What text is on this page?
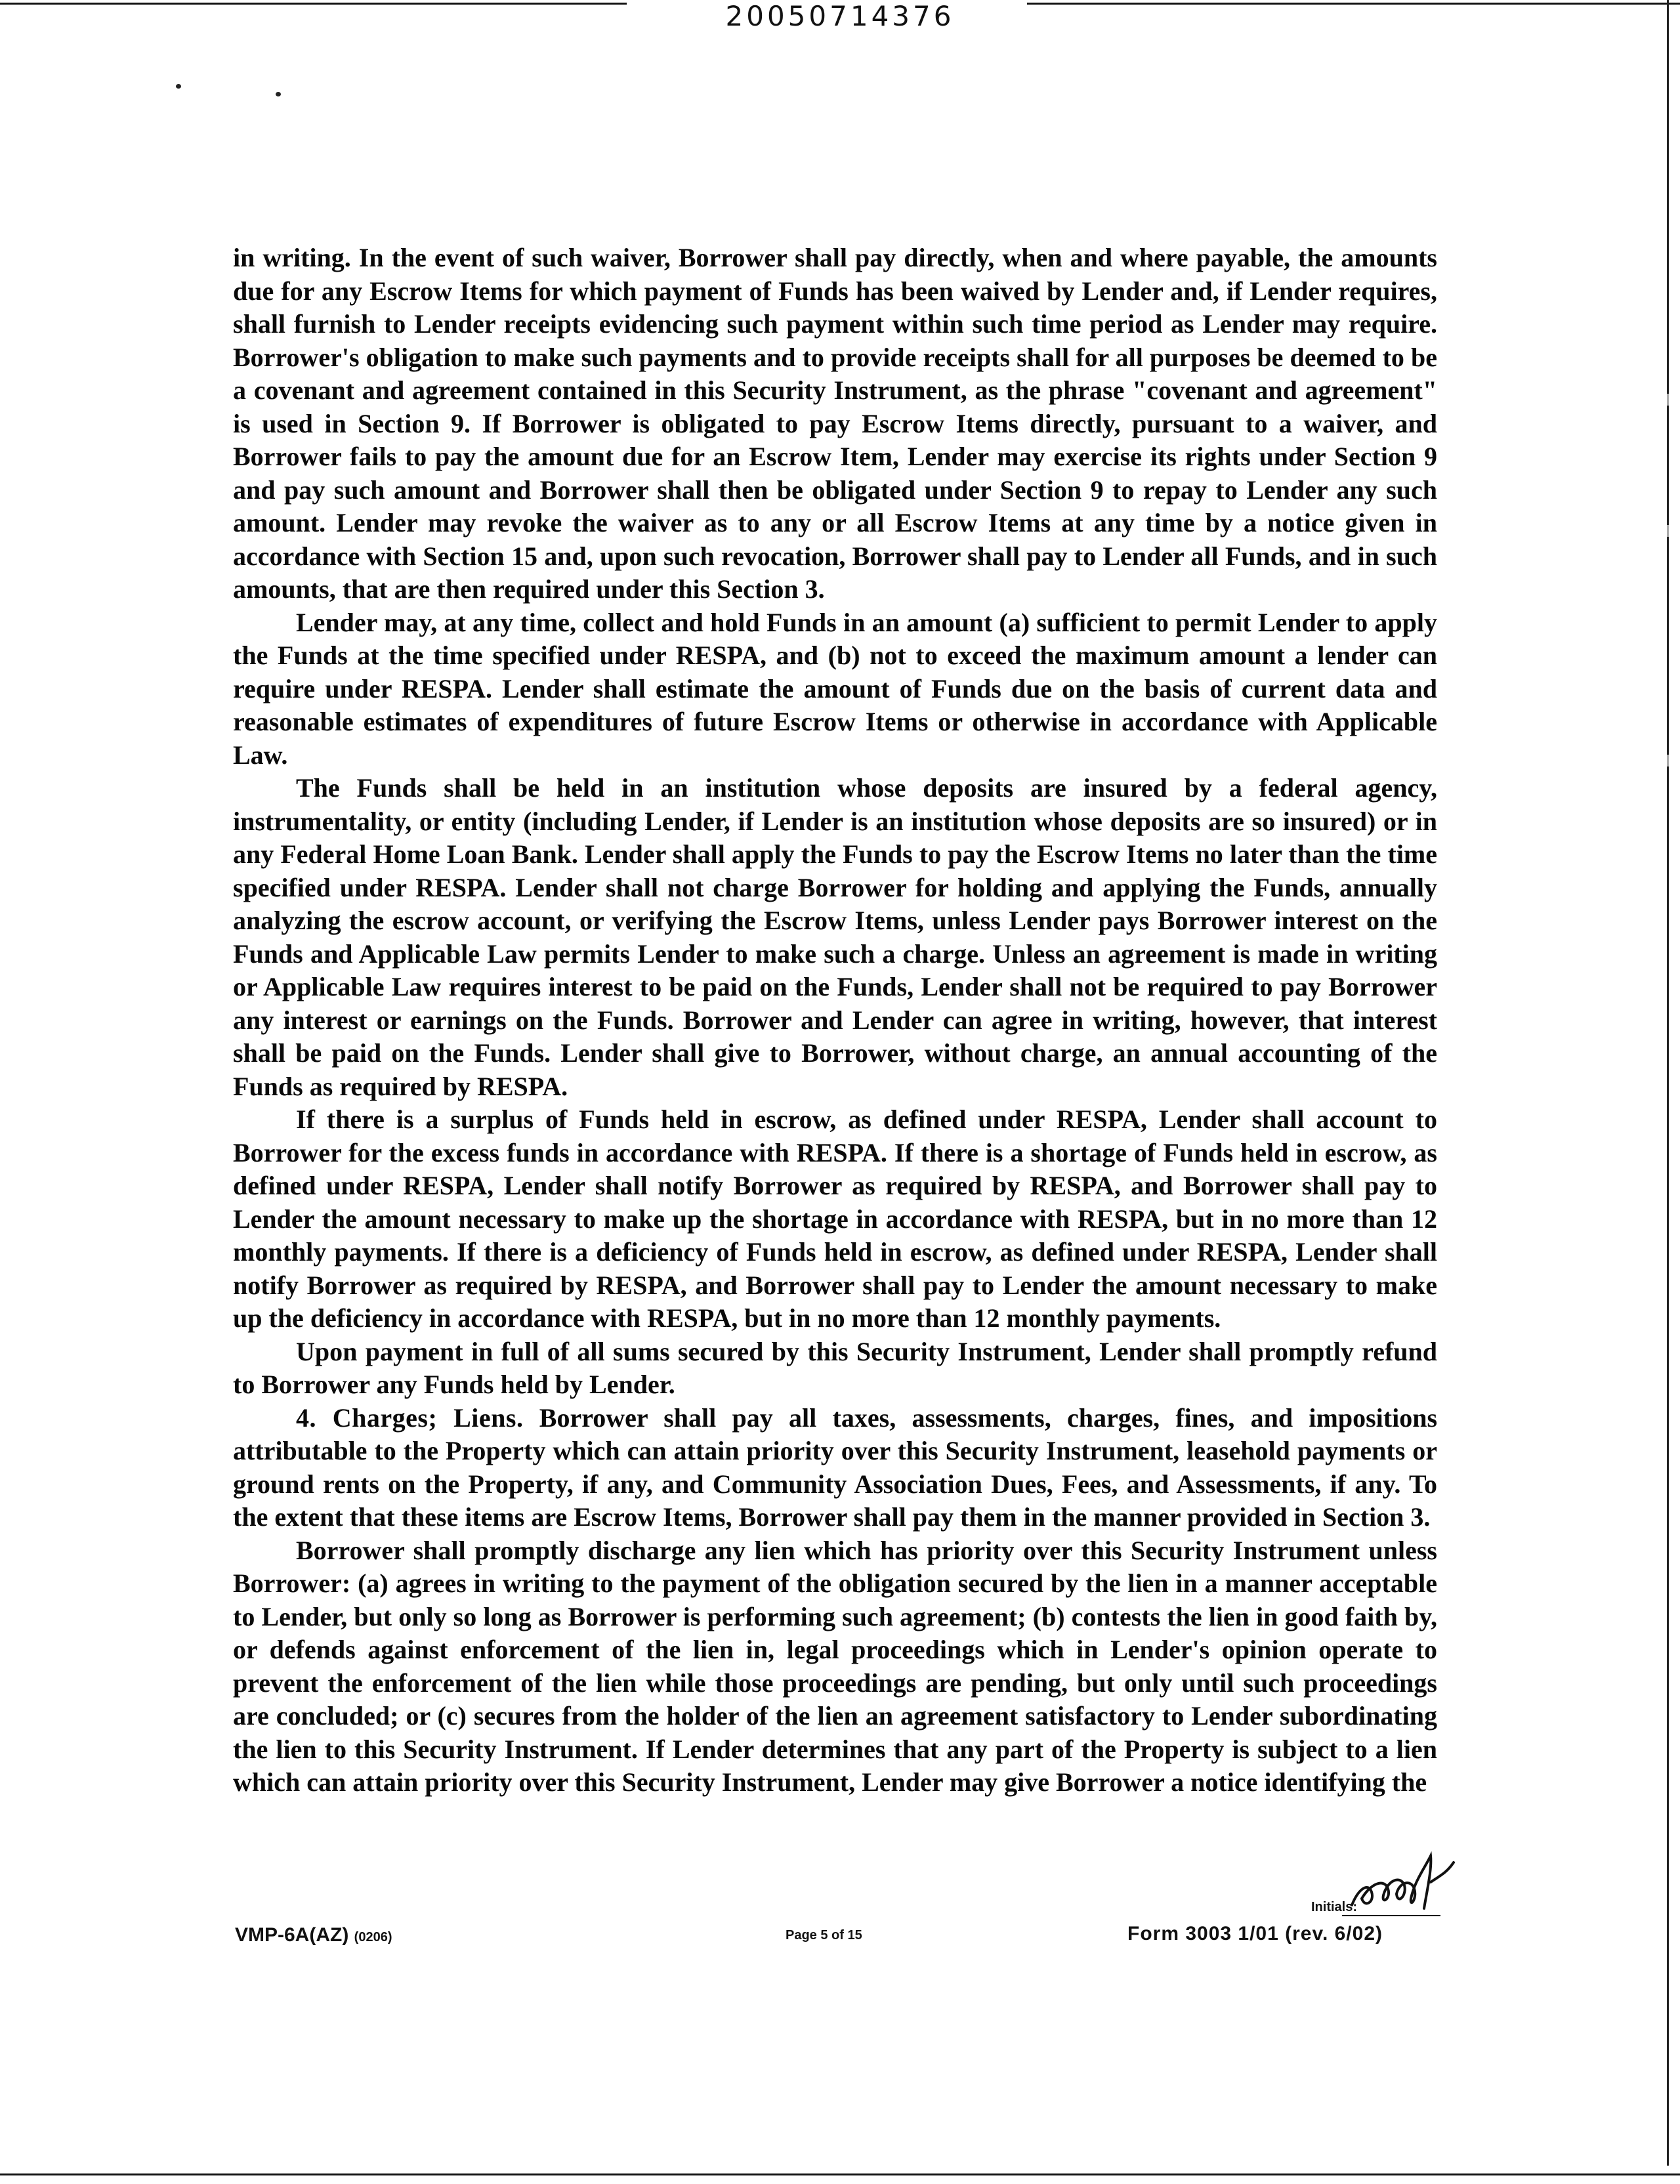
20050714376

in writing. In the event of such waiver, Borrower shall pay directly, when and where payable, the amounts due for any Escrow Items for which payment of Funds has been waived by Lender and, if Lender requires, shall furnish to Lender receipts evidencing such payment within such time period as Lender may require. Borrower's obligation to make such payments and to provide receipts shall for all purposes be deemed to be a covenant and agreement contained in this Security Instrument, as the phrase "covenant and agreement" is used in Section 9. If Borrower is obligated to pay Escrow Items directly, pursuant to a waiver, and Borrower fails to pay the amount due for an Escrow Item, Lender may exercise its rights under Section 9 and pay such amount and Borrower shall then be obligated under Section 9 to repay to Lender any such amount. Lender may revoke the waiver as to any or all Escrow Items at any time by a notice given in accordance with Section 15 and, upon such revocation, Borrower shall pay to Lender all Funds, and in such amounts, that are then required under this Section 3.

Lender may, at any time, collect and hold Funds in an amount (a) sufficient to permit Lender to apply the Funds at the time specified under RESPA, and (b) not to exceed the maximum amount a lender can require under RESPA. Lender shall estimate the amount of Funds due on the basis of current data and reasonable estimates of expenditures of future Escrow Items or otherwise in accordance with Applicable Law.

The Funds shall be held in an institution whose deposits are insured by a federal agency, instrumentality, or entity (including Lender, if Lender is an institution whose deposits are so insured) or in any Federal Home Loan Bank. Lender shall apply the Funds to pay the Escrow Items no later than the time specified under RESPA. Lender shall not charge Borrower for holding and applying the Funds, annually analyzing the escrow account, or verifying the Escrow Items, unless Lender pays Borrower interest on the Funds and Applicable Law permits Lender to make such a charge. Unless an agreement is made in writing or Applicable Law requires interest to be paid on the Funds, Lender shall not be required to pay Borrower any interest or earnings on the Funds. Borrower and Lender can agree in writing, however, that interest shall be paid on the Funds. Lender shall give to Borrower, without charge, an annual accounting of the Funds as required by RESPA.

If there is a surplus of Funds held in escrow, as defined under RESPA, Lender shall account to Borrower for the excess funds in accordance with RESPA. If there is a shortage of Funds held in escrow, as defined under RESPA, Lender shall notify Borrower as required by RESPA, and Borrower shall pay to Lender the amount necessary to make up the shortage in accordance with RESPA, but in no more than 12 monthly payments. If there is a deficiency of Funds held in escrow, as defined under RESPA, Lender shall notify Borrower as required by RESPA, and Borrower shall pay to Lender the amount necessary to make up the deficiency in accordance with RESPA, but in no more than 12 monthly payments.

Upon payment in full of all sums secured by this Security Instrument, Lender shall promptly refund to Borrower any Funds held by Lender.

4. Charges; Liens. Borrower shall pay all taxes, assessments, charges, fines, and impositions attributable to the Property which can attain priority over this Security Instrument, leasehold payments or ground rents on the Property, if any, and Community Association Dues, Fees, and Assessments, if any. To the extent that these items are Escrow Items, Borrower shall pay them in the manner provided in Section 3.

Borrower shall promptly discharge any lien which has priority over this Security Instrument unless Borrower: (a) agrees in writing to the payment of the obligation secured by the lien in a manner acceptable to Lender, but only so long as Borrower is performing such agreement; (b) contests the lien in good faith by, or defends against enforcement of the lien in, legal proceedings which in Lender's opinion operate to prevent the enforcement of the lien while those proceedings are pending, but only until such proceedings are concluded; or (c) secures from the holder of the lien an agreement satisfactory to Lender subordinating the lien to this Security Instrument. If Lender determines that any part of the Property is subject to a lien which can attain priority over this Security Instrument, Lender may give Borrower a notice identifying the

Initials:
VMP-6A(AZ) (0206)	Page 5 of 15	Form 3003 1/01 (rev. 6/02)
